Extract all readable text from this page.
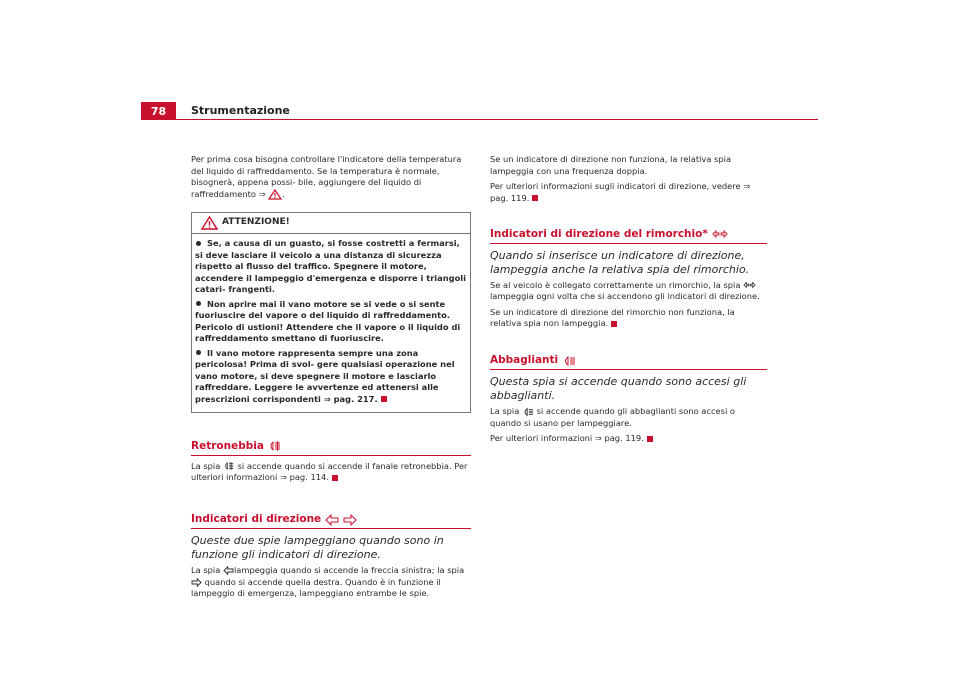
78	Strumentazione

Per prima cosa bisogna controllare l'indicatore della temperatura del liquido di raffreddamento. Se la temperatura è normale, bisognerà, appena possi- bile, aggiungere del liquido di raffreddamento ⇒ .

ATTENZIONE!

Se, a causa di un guasto, si fosse costretti a fermarsi, si deve lasciare il veicolo a una distanza di sicurezza rispetto al flusso del traffico. Spegnere il motore, accendere il lampeggio d'emergenza e disporre i triangoli catari- frangenti.

Non aprire mai il vano motore se si vede o si sente fuoriuscire del vapore o del liquido di raffreddamento. Pericolo di ustioni! Attendere che il vapore o il liquido di raffreddamento smettano di fuoriuscire.

Il vano motore rappresenta sempre una zona pericolosa! Prima di svol- gere qualsiasi operazione nel vano motore, si deve spegnere il motore e lasciarlo raffreddare. Leggere le avvertenze ed attenersi alle prescrizioni corrispondenti ⇒ pag. 217.

Retronebbia

La spia si accende quando si accende il fanale retronebbia. Per ulteriori informazioni ⇒ pag. 114.

Indicatori di direzione

Queste due spie lampeggiano quando sono in funzione gli indicatori di direzione.

La spia lampeggia quando si accende la freccia sinistra; la spia  quando si accende quella destra. Quando è in funzione il lampeggio di emergenza, lampeggiano entrambe le spie.

Se un indicatore di direzione non funziona, la relativa spia lampeggia con una frequenza doppia.

Per ulteriori informazioni sugli indicatori di direzione, vedere ⇒ pag. 119.

Indicatori di direzione del rimorchio*

Quando si inserisce un indicatore di direzione, lampeggia anche la relativa spia del rimorchio.

Se al veicolo è collegato correttamente un rimorchio, la spia  lampeggia ogni volta che si accendono gli indicatori di direzione.

Se un indicatore di direzione del rimorchio non funziona, la relativa spia non lampeggia.

Abbaglianti

Questa spia si accende quando sono accesi gli abbaglianti.

La spia si accende quando gli abbaglianti sono accesi o quando si usano per lampeggiare.

Per ulteriori informazioni ⇒ pag. 119.
